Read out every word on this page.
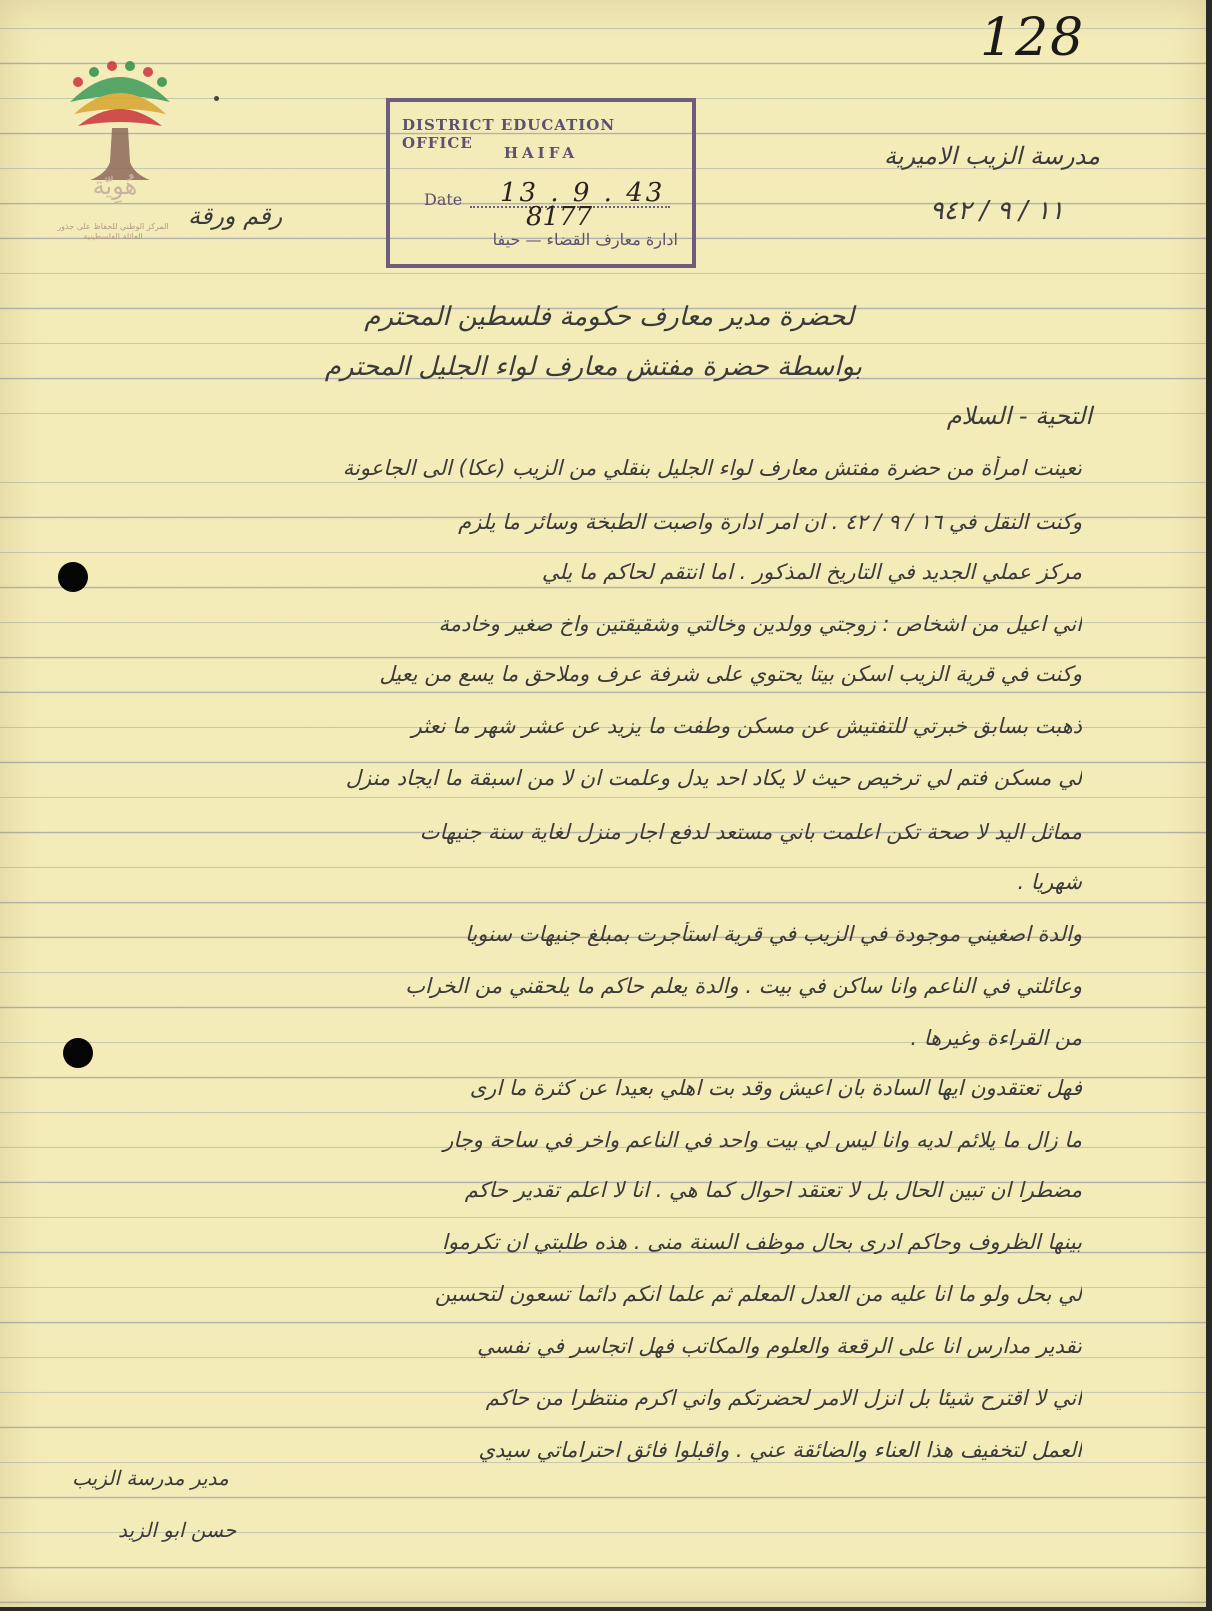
هُوِيّة
المركز الوطني للحفاظ على جذور العائلة الفلسطينية
128
DISTRICT EDUCATION OFFICE
HAIFA
Date 13 . 9 . 43
8177
ادارة معارف القضاء — حيفا
مدرسة الزيب الاميرية
١١ / ٩ / ٩٤٢
رقم ورقة
لحضرة مدير معارف حكومة فلسطين المحترم
بواسطة حضرة مفتش معارف لواء الجليل المحترم
التحية - السلام
تعينت امرأة من حضرة مفتش معارف لواء الجليل بنقلي من الزيب (عكا) الى الجاعونة
وكنت النقل في ١٦ / ٩ / ٤٢ . ان امر ادارة واصبت الطبخة وسائر ما يلزم
مركز عملي الجديد في التاريخ المذكور . اما انتقم لحاكم ما يلي
اني اعيل من اشخاص : زوجتي وولدين وخالتي وشقيقتين واخ صغير وخادمة
وكنت في قرية الزيب اسكن بيتا يحتوي على شرفة عرف وملاحق ما يسع من يعيل
ذهبت بسابق خبرتي للتفتيش عن مسكن وطفت ما يزيد عن عشر شهر ما نعثر
لي مسكن فتم لي ترخيص حيث لا يكاد احد يدل وعلمت ان لا من اسبقة ما ايجاد منزل
مماثل اليد لا صحة تكن اعلمت باني مستعد لدفع اجار منزل لغاية سنة جنيهات
شهريا .
والدة اصغيني موجودة في الزيب في قرية استأجرت بمبلغ جنيهات سنويا
وعائلتي في الناعم وانا ساكن في بيت . والدة يعلم حاكم ما يلحقني من الخراب
من القراءة وغيرها .
فهل تعتقدون ايها السادة بان اعيش وقد بت اهلي بعيدا عن كثرة ما ارى
ما زال ما يلائم لديه وانا ليس لي بيت واحد في الناعم واخر في ساحة وجار
مضطرا ان تبين الحال بل لا تعتقد احوال كما هي . انا لا اعلم تقدير حاكم
بينها الظروف وحاكم ادرى بحال موظف السنة منى . هذه طلبتي ان تكرموا
لي بحل ولو ما انا عليه من العدل المعلم ثم علما انكم دائما تسعون لتحسين
تقدير مدارس انا على الرقعة والعلوم والمكاتب فهل اتجاسر في نفسي
اني لا اقترح شيئا بل انزل الامر لحضرتكم واني اكرم منتظرا من حاكم
العمل لتخفيف هذا العناء والضائقة عني . واقبلوا فائق احتراماتي سيدي
مدير مدرسة الزيب
حسن ابو الزيد
